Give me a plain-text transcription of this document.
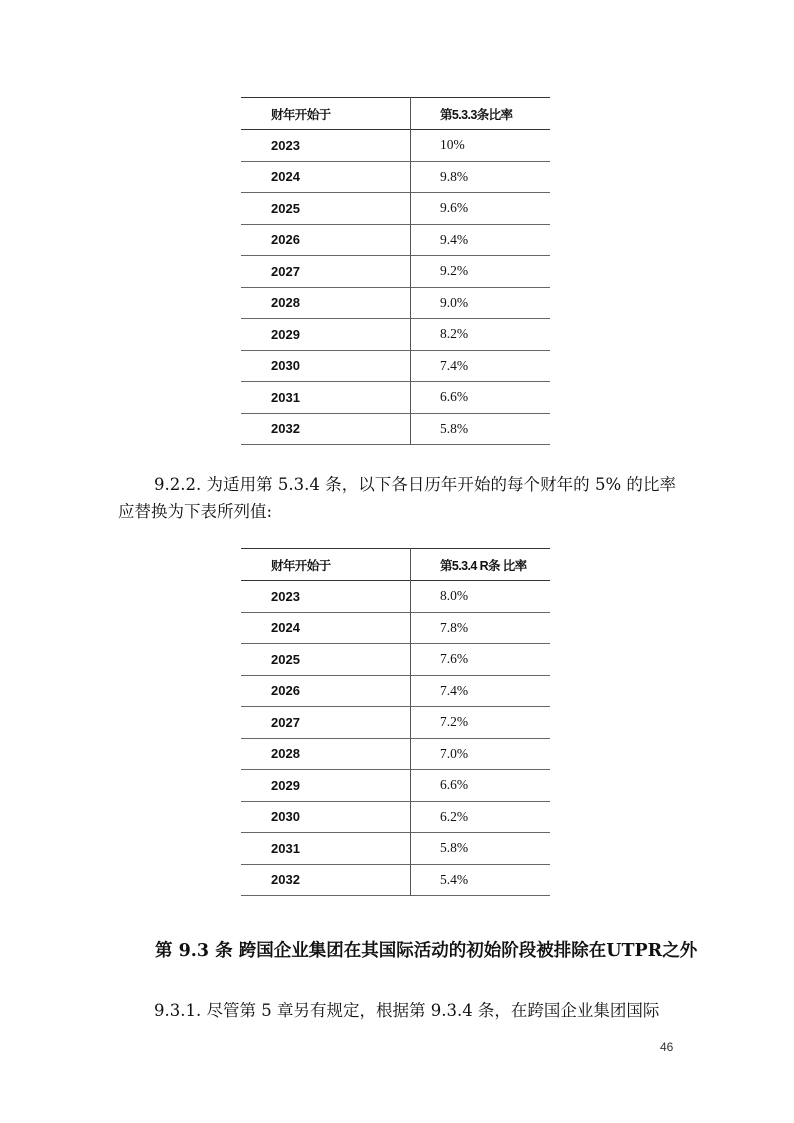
财年开始于	第5.3.3条比率
2023	10%
2024	9.8%
2025	9.6%
2026	9.4%
2027	9.2%
2028	9.0%
2029	8.2%
2030	7.4%
2031	6.6%
2032	5.8%

9.2.2. 为适用第 5.3.4 条，以下各日历年开始的每个财年的 5% 的比率应替换为下表所列值:

财年开始于	第5.3.4 R条 比率
2023	8.0%
2024	7.8%
2025	7.6%
2026	7.4%
2027	7.2%
2028	7.0%
2029	6.6%
2030	6.2%
2031	5.8%
2032	5.4%
第 9.3 条 跨国企业集团在其国际活动的初始阶段被排除在UTPR之外

9.3.1. 尽管第 5 章另有规定，根据第 9.3.4 条，在跨国企业集团国际

46
